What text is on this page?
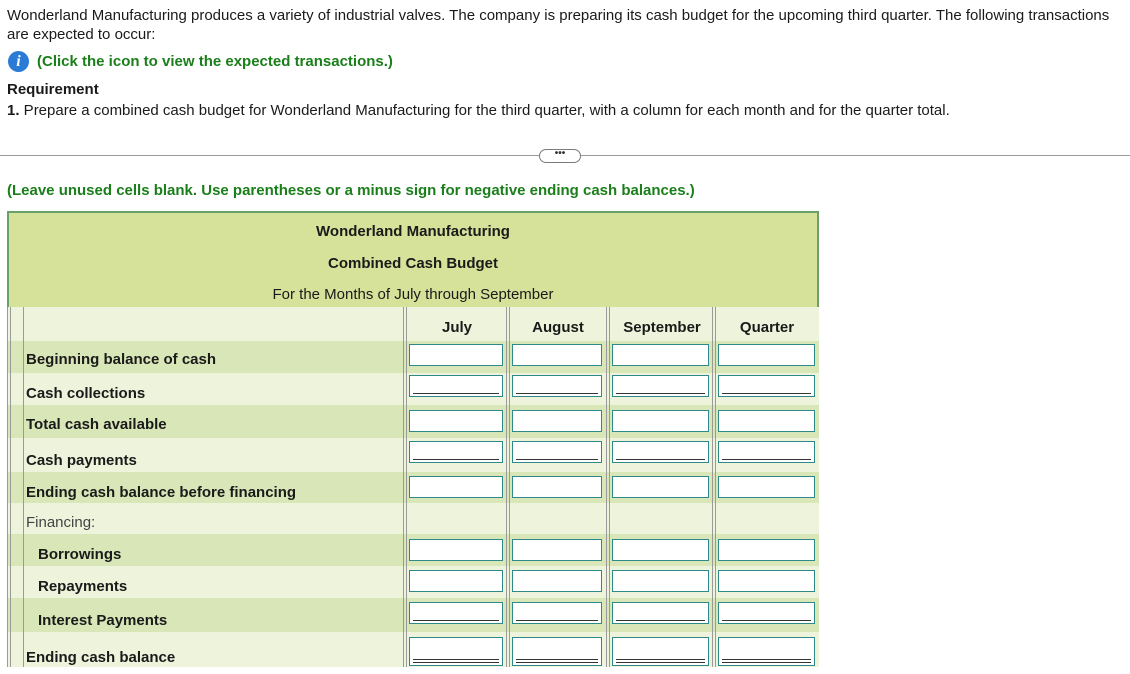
Wonderland Manufacturing produces a variety of industrial valves. The company is preparing its cash budget for the upcoming third quarter. The following transactions are expected to occur:
i	(Click the icon to view the expected transactions.)
Requirement
1. Prepare a combined cash budget for Wonderland Manufacturing for the third quarter, with a column for each month and for the quarter total.
•••
(Leave unused cells blank. Use parentheses or a minus sign for negative ending cash balances.)
Wonderland Manufacturing
Combined Cash Budget
For the Months of July through September
July	August	September	Quarter
Beginning balance of cash
Cash collections
Total cash available
Cash payments
Ending cash balance before financing
Financing:
Borrowings
Repayments
Interest Payments
Ending cash balance
